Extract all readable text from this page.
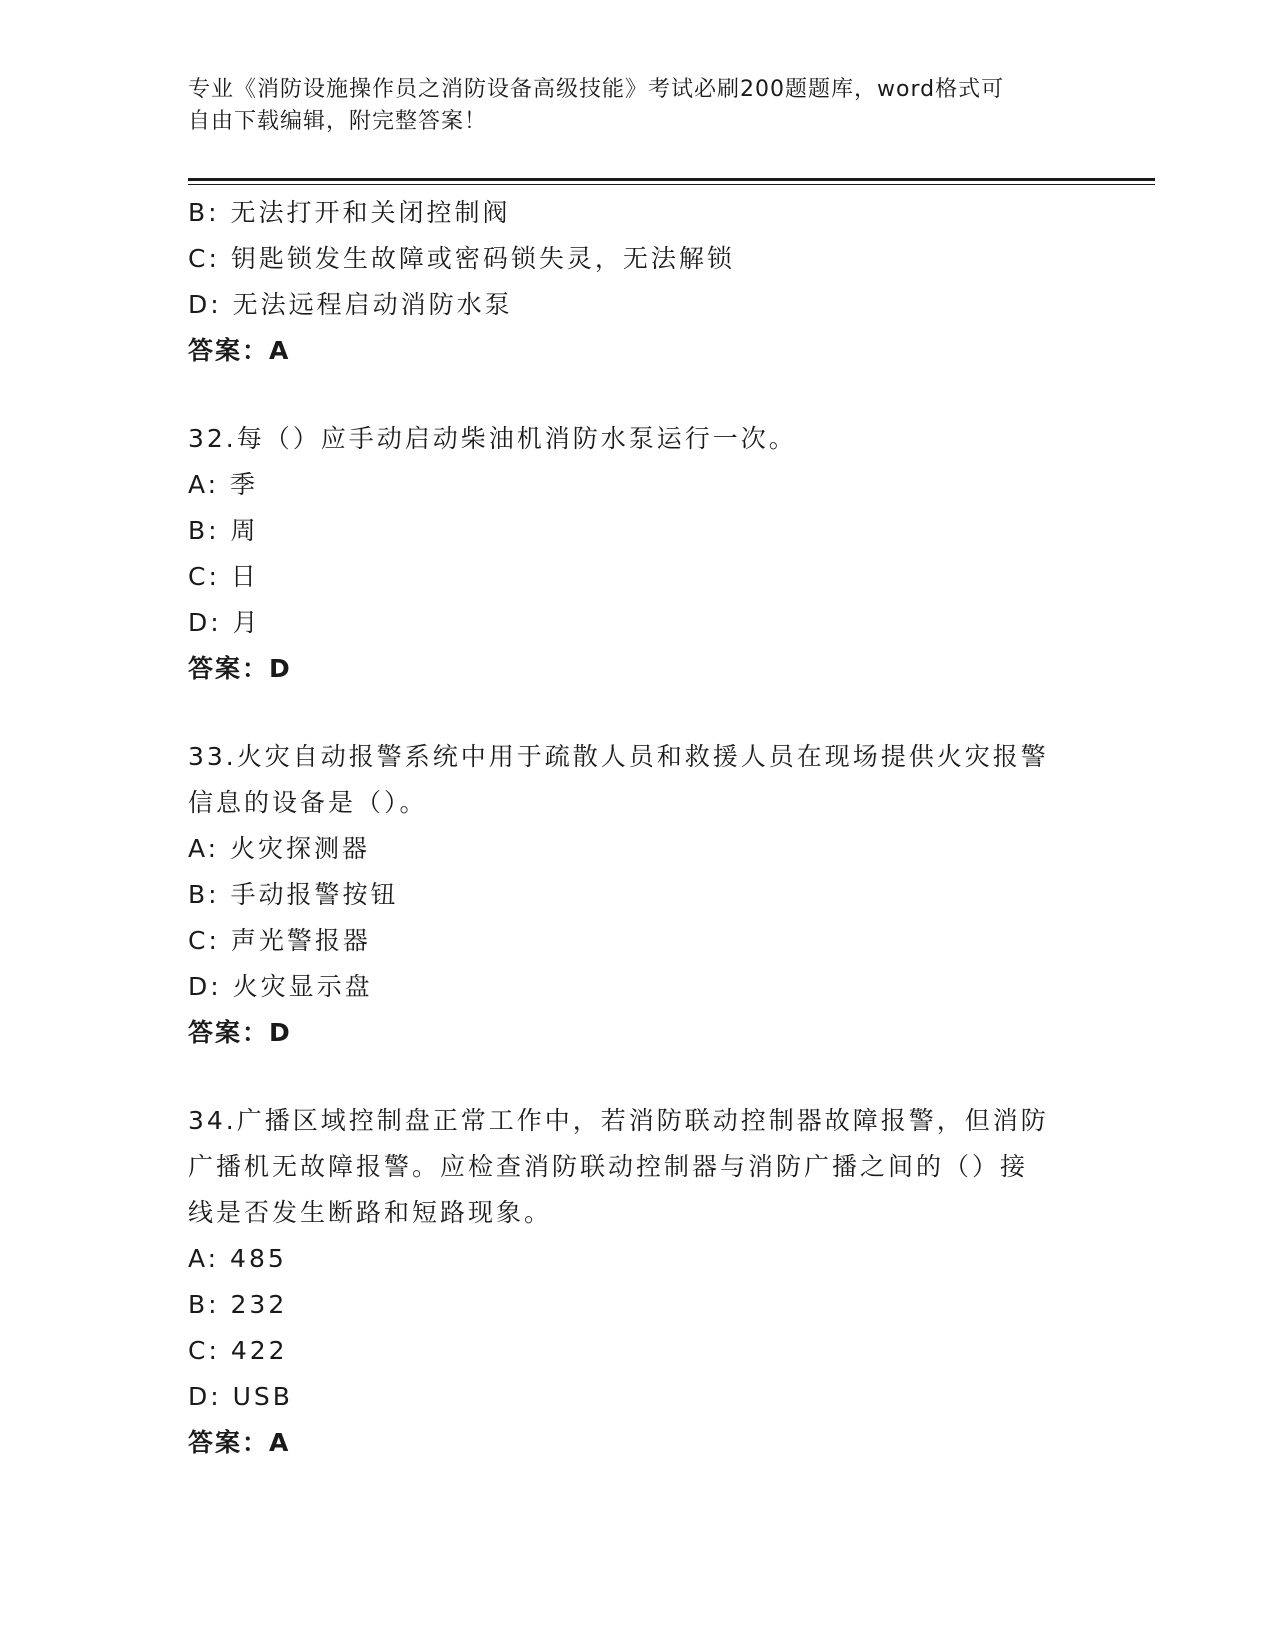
专业《消防设施操作员之消防设备高级技能》考试必刷200题题库，word格式可
自由下载编辑，附完整答案！
B: 无法打开和关闭控制阀
C: 钥匙锁发生故障或密码锁失灵，无法解锁
D: 无法远程启动消防水泵
答案：A
32.每（）应手动启动柴油机消防水泵运行一次。
A: 季
B: 周
C: 日
D: 月
答案：D
33.火灾自动报警系统中用于疏散人员和救援人员在现场提供火灾报警
信息的设备是（）。
A: 火灾探测器
B: 手动报警按钮
C: 声光警报器
D: 火灾显示盘
答案：D
34.广播区域控制盘正常工作中，若消防联动控制器故障报警，但消防
广播机无故障报警。应检查消防联动控制器与消防广播之间的（）接
线是否发生断路和短路现象。
A: 485
B: 232
C: 422
D: USB
答案：A
